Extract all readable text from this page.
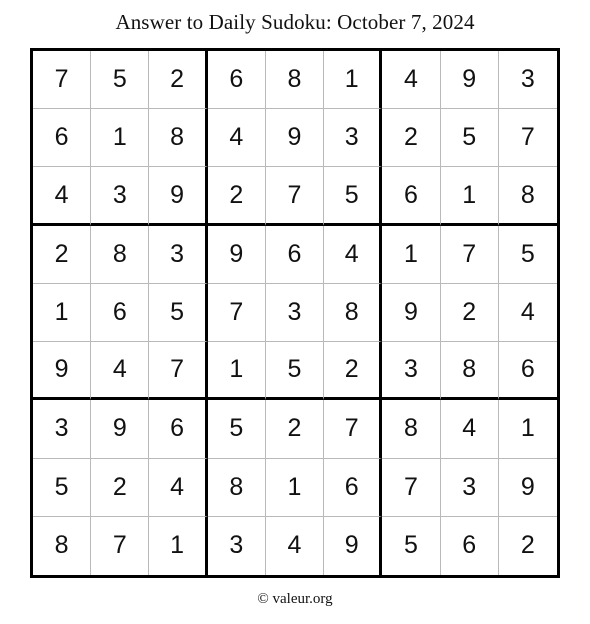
Answer to Daily Sudoku: October 7, 2024
7	5	2	6	8	1	4	9	3
6	1	8	4	9	3	2	5	7
4	3	9	2	7	5	6	1	8
2	8	3	9	6	4	1	7	5
1	6	5	7	3	8	9	2	4
9	4	7	1	5	2	3	8	6
3	9	6	5	2	7	8	4	1
5	2	4	8	1	6	7	3	9
8	7	1	3	4	9	5	6	2
© valeur.org
